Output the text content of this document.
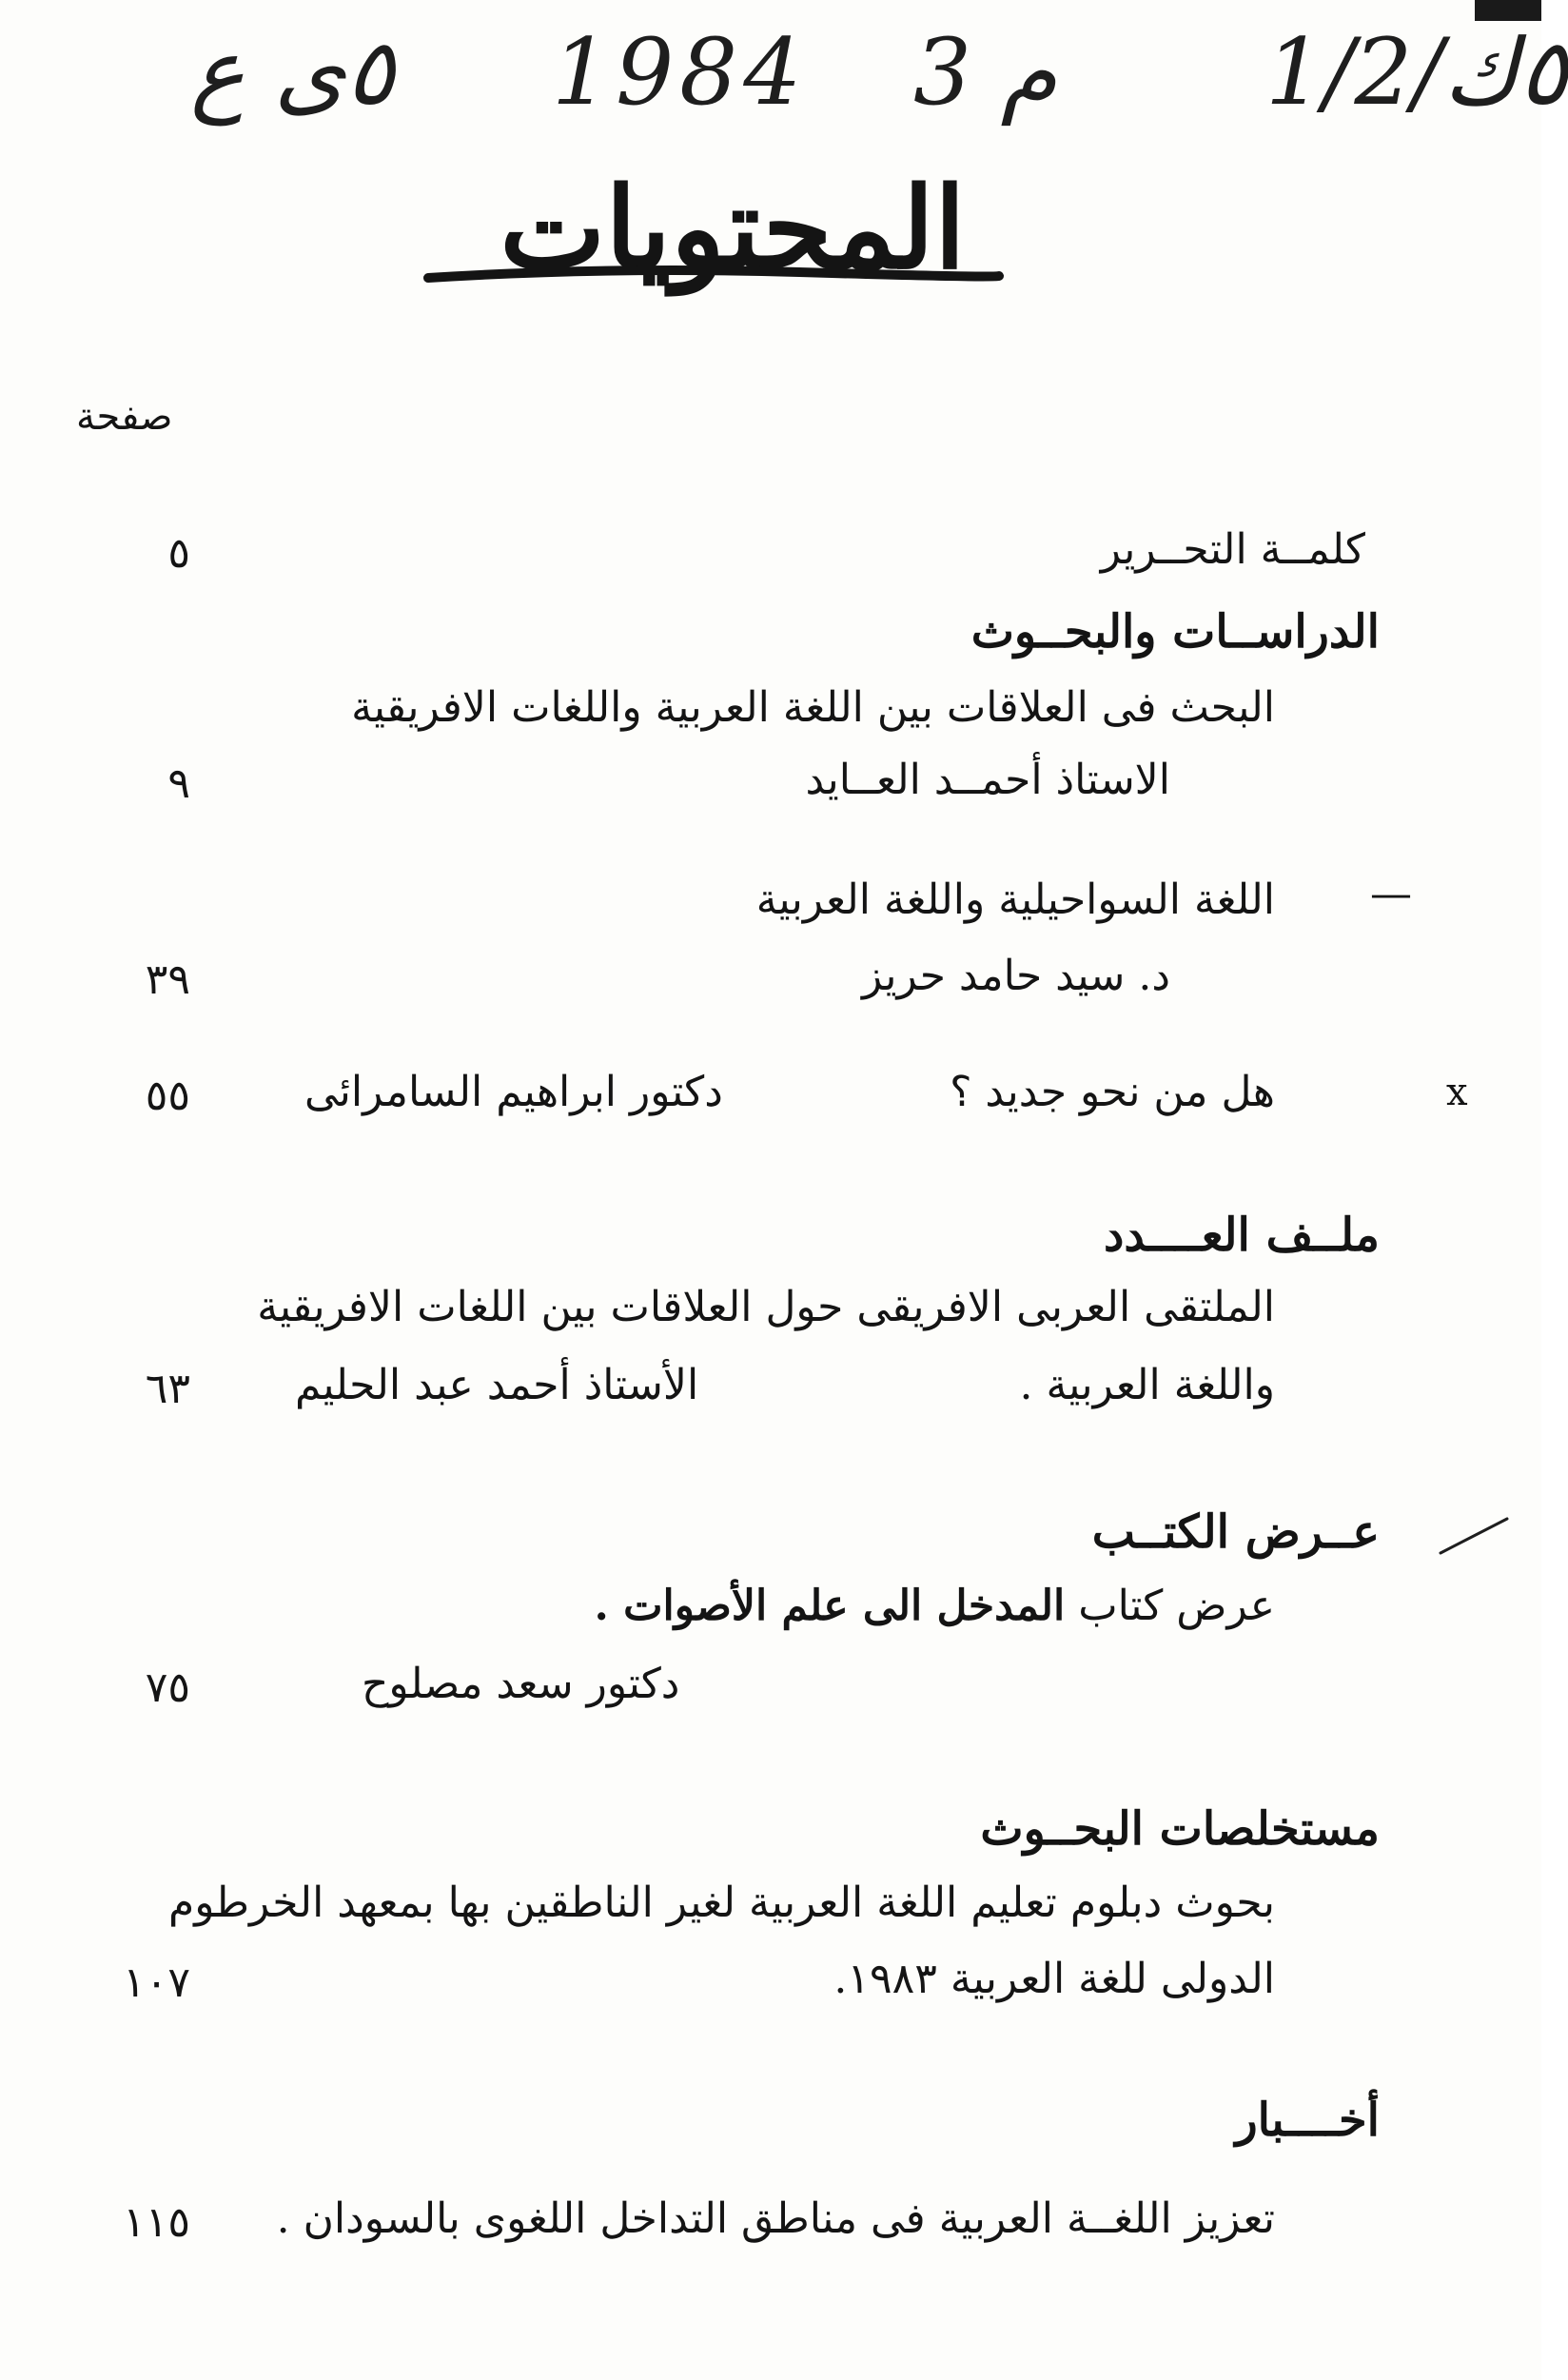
٥ى ع 1984 3 م ٥ك/1/2
المحتويات
صفحة
كلمــة التحــرير
٥
الدراســات والبحــوث
البحث فى العلاقات بين اللغة العربية واللغات الافريقية
الاستاذ أحمــد العــايد
٩
—
اللغة السواحيلية واللغة العربية
د. سيد حامد حريز
٣٩
x
هل من نحو جديد ؟
دكتور ابراهيم السامرائى
٥٥
ملــف العــــدد
الملتقى العربى الافريقى حول العلاقات بين اللغات الافريقية
واللغة العربية .
الأستاذ أحمد عبد الحليم
٦٣
عــرض الكتــب
عرض كتاب المدخل الى علم الأصوات .
دكتور سعد مصلوح
٧٥
مستخلصات البحــوث
بحوث دبلوم تعليم اللغة العربية لغير الناطقين بها بمعهد الخرطوم
الدولى للغة العربية ١٩٨٣.
١٠٧
أخــــبار
تعزيز اللغــة العربية فى مناطق التداخل اللغوى بالسودان .
١١٥
